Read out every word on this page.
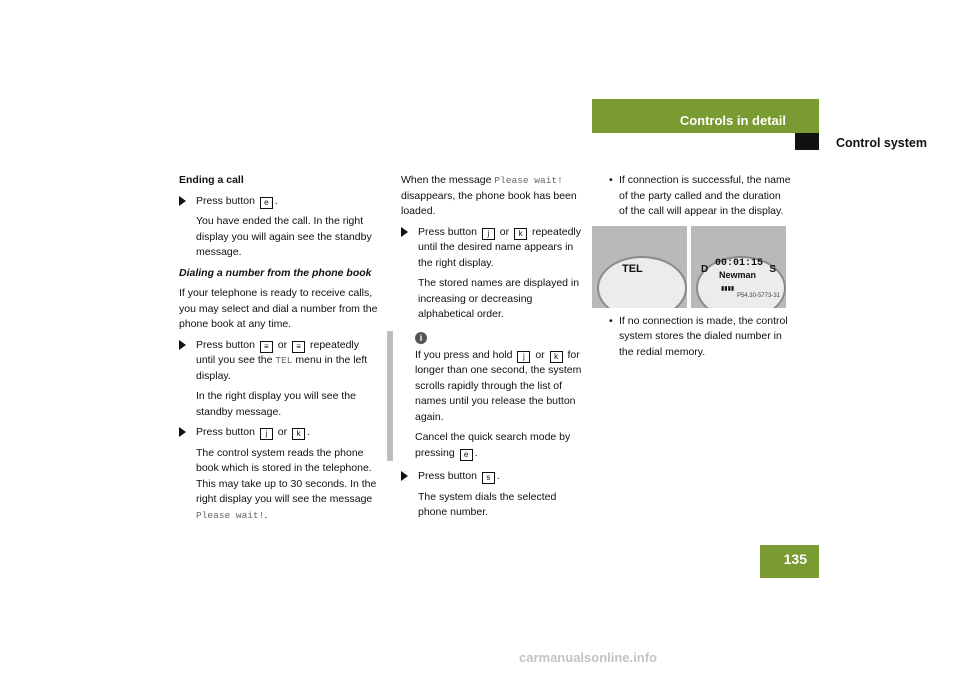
Controls in detail
Control system

Ending a call

Press button e .

You have ended the call. In the right display you will again see the standby message.

Dialing a number from the phone book

If your telephone is ready to receive calls, you may select and dial a number from the phone book at any time.

Press button ≡ or ≡ repeatedly until you see the TEL menu in the left display.

In the right display you will see the standby message.

Press button j or k .

The control system reads the phone book which is stored in the telephone. This may take up to 30 seconds. In the right display you will see the message Please wait!.

When the message Please wait! disappears, the phone book has been loaded.

Press button j or k repeatedly until the desired name appears in the right display.

The stored names are displayed in increasing or decreasing alphabetical order.

i

If you press and hold j or k for longer than one second, the system scrolls rapidly through the list of names until you release the button again.

Cancel the quick search mode by pressing e .

Press button s .

The system dials the selected phone number.

• If connection is successful, the name of the party called and the duration of the call will appear in the display.
TEL	00:01:15
D	S
Newman
▮▮▮▮
P54.30-5773-31
• If no connection is made, the control system stores the dialed number in the redial memory.
135
carmanualsonline.info
